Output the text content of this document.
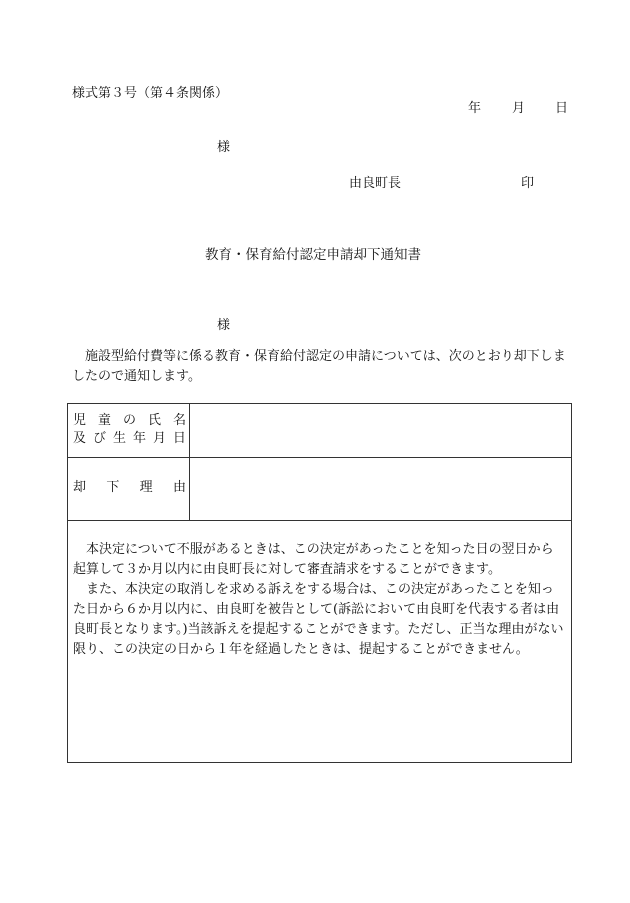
様式第３号（第４条関係）
年 月 日
様
由良町長	印
教育・保育給付認定申請却下通知書
様
施設型給付費等に係る教育・保育給付認定の申請については、次のとおり却下しましたので通知します。
児 童 の 氏 名
及 び 生 年 月 日
却 下 理 由

本決定について不服があるときは、この決定があったことを知った日の翌日から起算して３か月以内に由良町長に対して審査請求をすることができます。

また、本決定の取消しを求める訴えをする場合は、この決定があったことを知った日から６か月以内に、由良町を被告として(訴訟において由良町を代表する者は由良町長となります。)当該訴えを提起することができます。ただし、正当な理由がない限り、この決定の日から１年を経過したときは、提起することができません。
